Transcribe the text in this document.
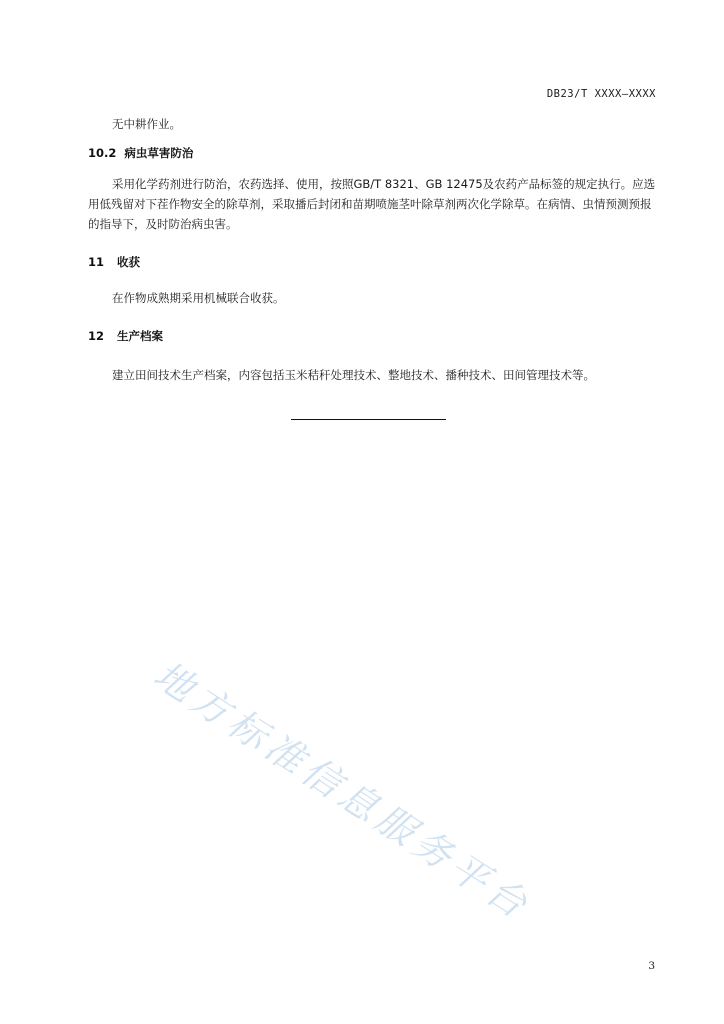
DB23/T XXXX—XXXX
无中耕作业。
10.2 病虫草害防治
采用化学药剂进行防治，农药选择、使用，按照GB/T 8321、GB 12475及农药产品标签的规定执行。应选用低残留对下茬作物安全的除草剂，采取播后封闭和苗期喷施茎叶除草剂两次化学除草。在病情、虫情预测预报的指导下，及时防治病虫害。
11 收获
在作物成熟期采用机械联合收获。
12 生产档案
建立田间技术生产档案，内容包括玉米秸秆处理技术、整地技术、播种技术、田间管理技术等。
地方标准信息服务平台
3
